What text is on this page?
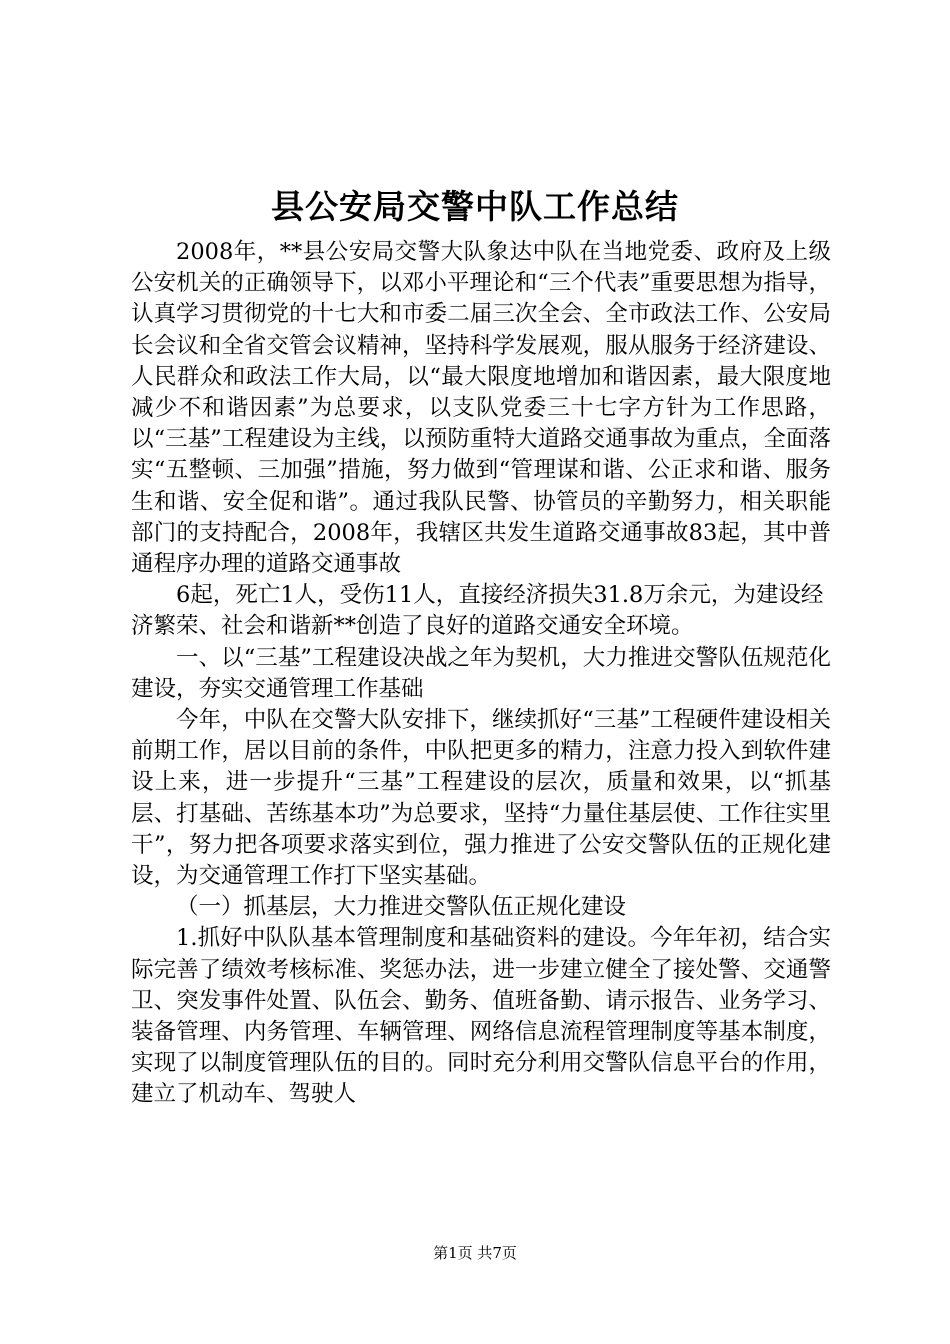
县公安局交警中队工作总结

2008年，**县公安局交警大队象达中队在当地党委、政府及上级公安机关的正确领导下，以邓小平理论和“三个代表”重要思想为指导，认真学习贯彻党的十七大和市委二届三次全会、全市政法工作、公安局长会议和全省交管会议精神，坚持科学发展观，服从服务于经济建设、人民群众和政法工作大局，以“最大限度地增加和谐因素，最大限度地减少不和谐因素”为总要求，以支队党委三十七字方针为工作思路，以“三基”工程建设为主线，以预防重特大道路交通事故为重点，全面落实“五整顿、三加强”措施，努力做到“管理谋和谐、公正求和谐、服务生和谐、安全促和谐”。通过我队民警、协管员的辛勤努力，相关职能部门的支持配合，2008年，我辖区共发生道路交通事故83起，其中普通程序办理的道路交通事故

6起，死亡1人，受伤11人，直接经济损失31.8万余元，为建设经济繁荣、社会和谐新**创造了良好的道路交通安全环境。

一、以“三基”工程建设决战之年为契机，大力推进交警队伍规范化建设，夯实交通管理工作基础

今年，中队在交警大队安排下，继续抓好“三基”工程硬件建设相关前期工作，居以目前的条件，中队把更多的精力，注意力投入到软件建设上来，进一步提升“三基”工程建设的层次，质量和效果，以“抓基层、打基础、苦练基本功”为总要求，坚持“力量住基层使、工作往实里干”，努力把各项要求落实到位，强力推进了公安交警队伍的正规化建设，为交通管理工作打下坚实基础。

（一）抓基层，大力推进交警队伍正规化建设

1.抓好中队队基本管理制度和基础资料的建设。今年年初，结合实际完善了绩效考核标准、奖惩办法，进一步建立健全了接处警、交通警卫、突发事件处置、队伍会、勤务、值班备勤、请示报告、业务学习、装备管理、内务管理、车辆管理、网络信息流程管理制度等基本制度，实现了以制度管理队伍的目的。同时充分利用交警队信息平台的作用，建立了机动车、驾驶人

第1页 共7页
